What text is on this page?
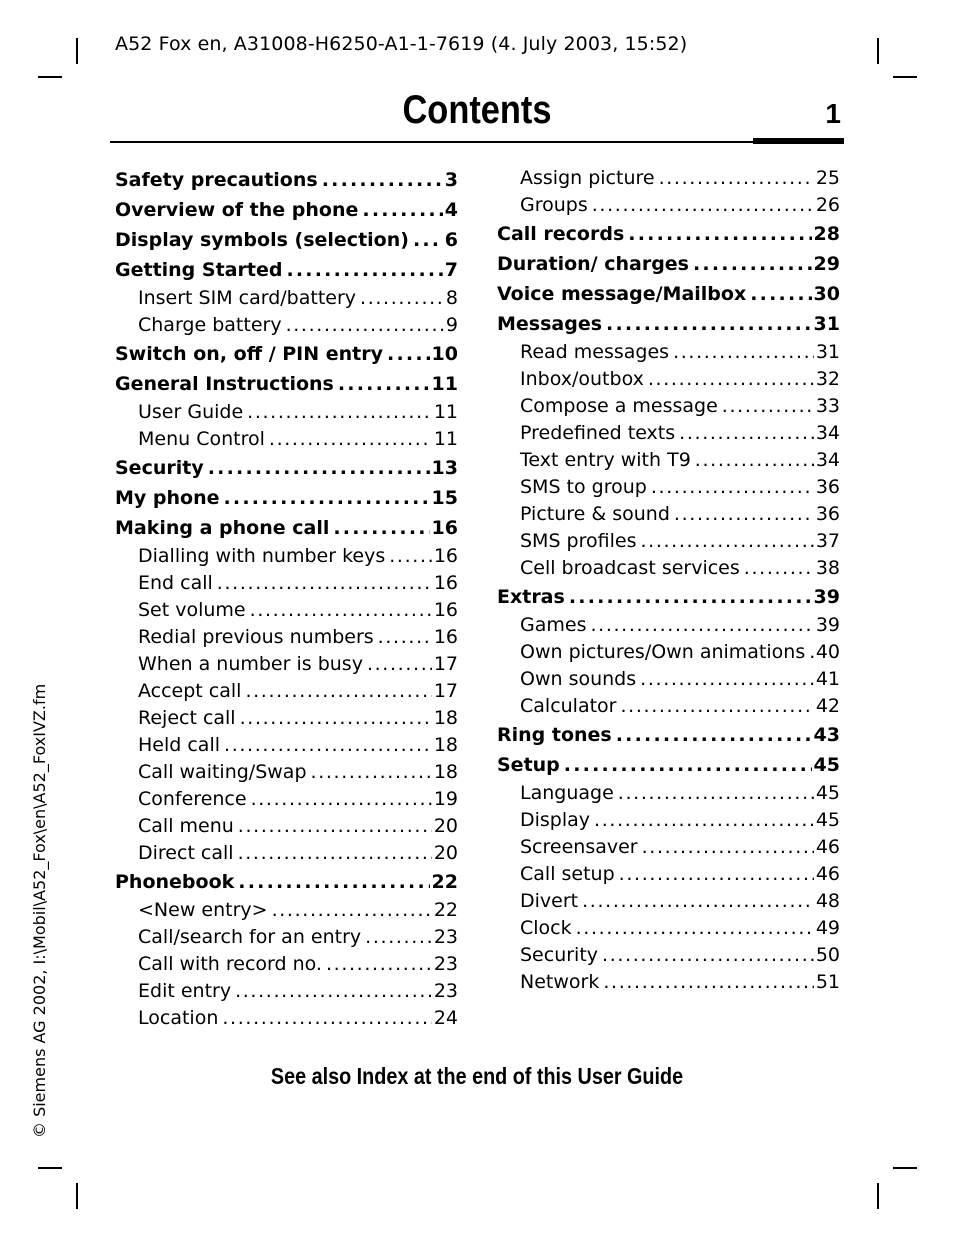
A52 Fox en, A31008-H6250-A1-1-7619 (4. July 2003, 15:52)
© Siemens AG 2002, I:\Mobil\A52_Fox\en\A52_FoxIVZ.fm
Contents	1
Safety precautions . . .	3
Overview of the phone . . .	4
Display symbols (selection) . . . 6
Getting Started . . .	7
Insert SIM card/battery . . .	8
Charge battery . . .	9
Switch on, off / PIN entry . . .	10
General Instructions . . .	11
User Guide . . .	11
Menu Control . . .	11
Security . . .	13
My phone . . .	15
Making a phone call . . .	16
Dialling with number keys . . .	16
End call . . .	16
Set volume . . .	16
Redial previous numbers . . .	16
When a number is busy . . .	17
Accept call . . .	17
Reject call . . .	18
Held call . . .	18
Call waiting/Swap . . .	18
Conference . . .	19
Call menu . . .	20
Direct call . . .	20
Phonebook . . .	22
<New entry> . . .	22
Call/search for an entry . . .	23
Call with record no. . . .	23
Edit entry . . .	23
Location . . .	24
Assign picture . . .	25
Groups . . .	26
Call records . . .	28
Duration/ charges . . .	29
Voice message/Mailbox . . .	30
Messages . . .	31
Read messages . . .	31
Inbox/outbox . . .	32
Compose a message . . .	33
Predefined texts . . .	34
Text entry with T9 . . .	34
SMS to group . . .	36
Picture & sound . . .	36
SMS profiles . . .	37
Cell broadcast services . . .	38
Extras . . .	39
Games . . .	39
Own pictures/Own animations . . . 40
Own sounds . . .	41
Calculator . . .	42
Ring tones . . .	43
Setup . . .	45
Language . . .	45
Display . . .	45
Screensaver . . .	46
Call setup . . .	46
Divert . . .	48
Clock . . .	49
Security . . .	50
Network . . .	51
See also Index at the end of this User Guide
